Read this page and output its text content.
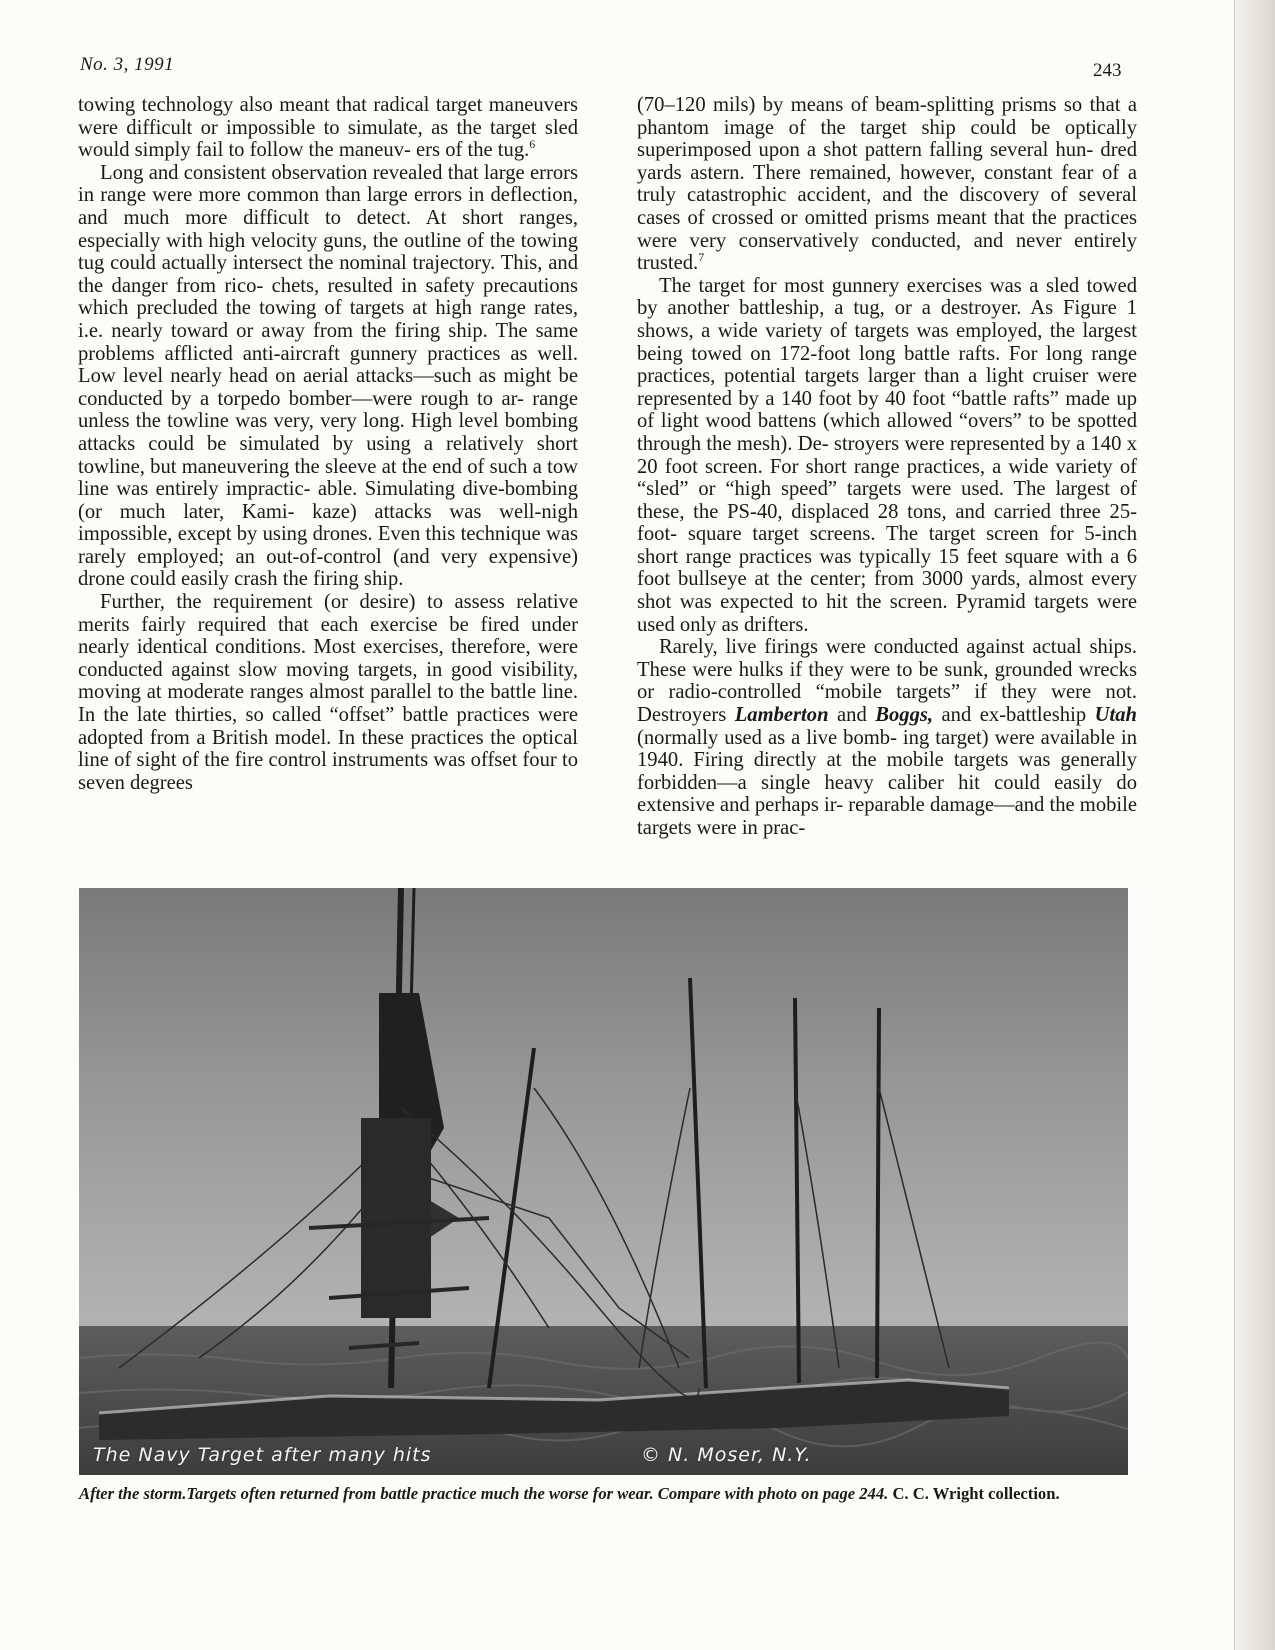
No. 3, 1991	243

towing technology also meant that radical target maneuvers were difficult or impossible to simulate, as the target sled would simply fail to follow the maneuv- ers of the tug.$^6$

Long and consistent observation revealed that large errors in range were more common than large errors in deflection, and much more difficult to detect. At short ranges, especially with high velocity guns, the outline of the towing tug could actually intersect the nominal trajectory. This, and the danger from rico- chets, resulted in safety precautions which precluded the towing of targets at high range rates, i.e. nearly toward or away from the firing ship. The same problems afflicted anti-aircraft gunnery practices as well. Low level nearly head on aerial attacks—such as might be conducted by a torpedo bomber—were rough to ar- range unless the towline was very, very long. High level bombing attacks could be simulated by using a relatively short towline, but maneuvering the sleeve at the end of such a tow line was entirely impractic- able. Simulating dive-bombing (or much later, Kami- kaze) attacks was well-nigh impossible, except by using drones. Even this technique was rarely employed; an out-of-control (and very expensive) drone could easily crash the firing ship.

Further, the requirement (or desire) to assess relative merits fairly required that each exercise be fired under nearly identical conditions. Most exercises, therefore, were conducted against slow moving targets, in good visibility, moving at moderate ranges almost parallel to the battle line. In the late thirties, so called “offset” battle practices were adopted from a British model. In these practices the optical line of sight of the fire control instruments was offset four to seven degrees

(70–120 mils) by means of beam-splitting prisms so that a phantom image of the target ship could be optically superimposed upon a shot pattern falling several hun- dred yards astern. There remained, however, constant fear of a truly catastrophic accident, and the discovery of several cases of crossed or omitted prisms meant that the practices were very conservatively conducted, and never entirely trusted.$^7$

The target for most gunnery exercises was a sled towed by another battleship, a tug, or a destroyer. As Figure 1 shows, a wide variety of targets was employed, the largest being towed on 172-foot long battle rafts. For long range practices, potential targets larger than a light cruiser were represented by a 140 foot by 40 foot “battle rafts” made up of light wood battens (which allowed “overs” to be spotted through the mesh). De- stroyers were represented by a 140 x 20 foot screen. For short range practices, a wide variety of “sled” or “high speed” targets were used. The largest of these, the PS-40, displaced 28 tons, and carried three 25-foot- square target screens. The target screen for 5-inch short range practices was typically 15 feet square with a 6 foot bullseye at the center; from 3000 yards, almost every shot was expected to hit the screen. Pyramid targets were used only as drifters.

Rarely, live firings were conducted against actual ships. These were hulks if they were to be sunk, grounded wrecks or radio-controlled “mobile targets” if they were not. Destroyers Lamberton and Boggs, and ex-battleship Utah (normally used as a live bomb- ing target) were available in 1940. Firing directly at the mobile targets was generally forbidden—a single heavy caliber hit could easily do extensive and perhaps ir- reparable damage—and the mobile targets were in prac-

The Navy Target after many hits	© N. Moser, N.Y.
After the storm.Targets often returned from battle practice much the worse for wear. Compare with photo on page 244. C. C. Wright collection.
